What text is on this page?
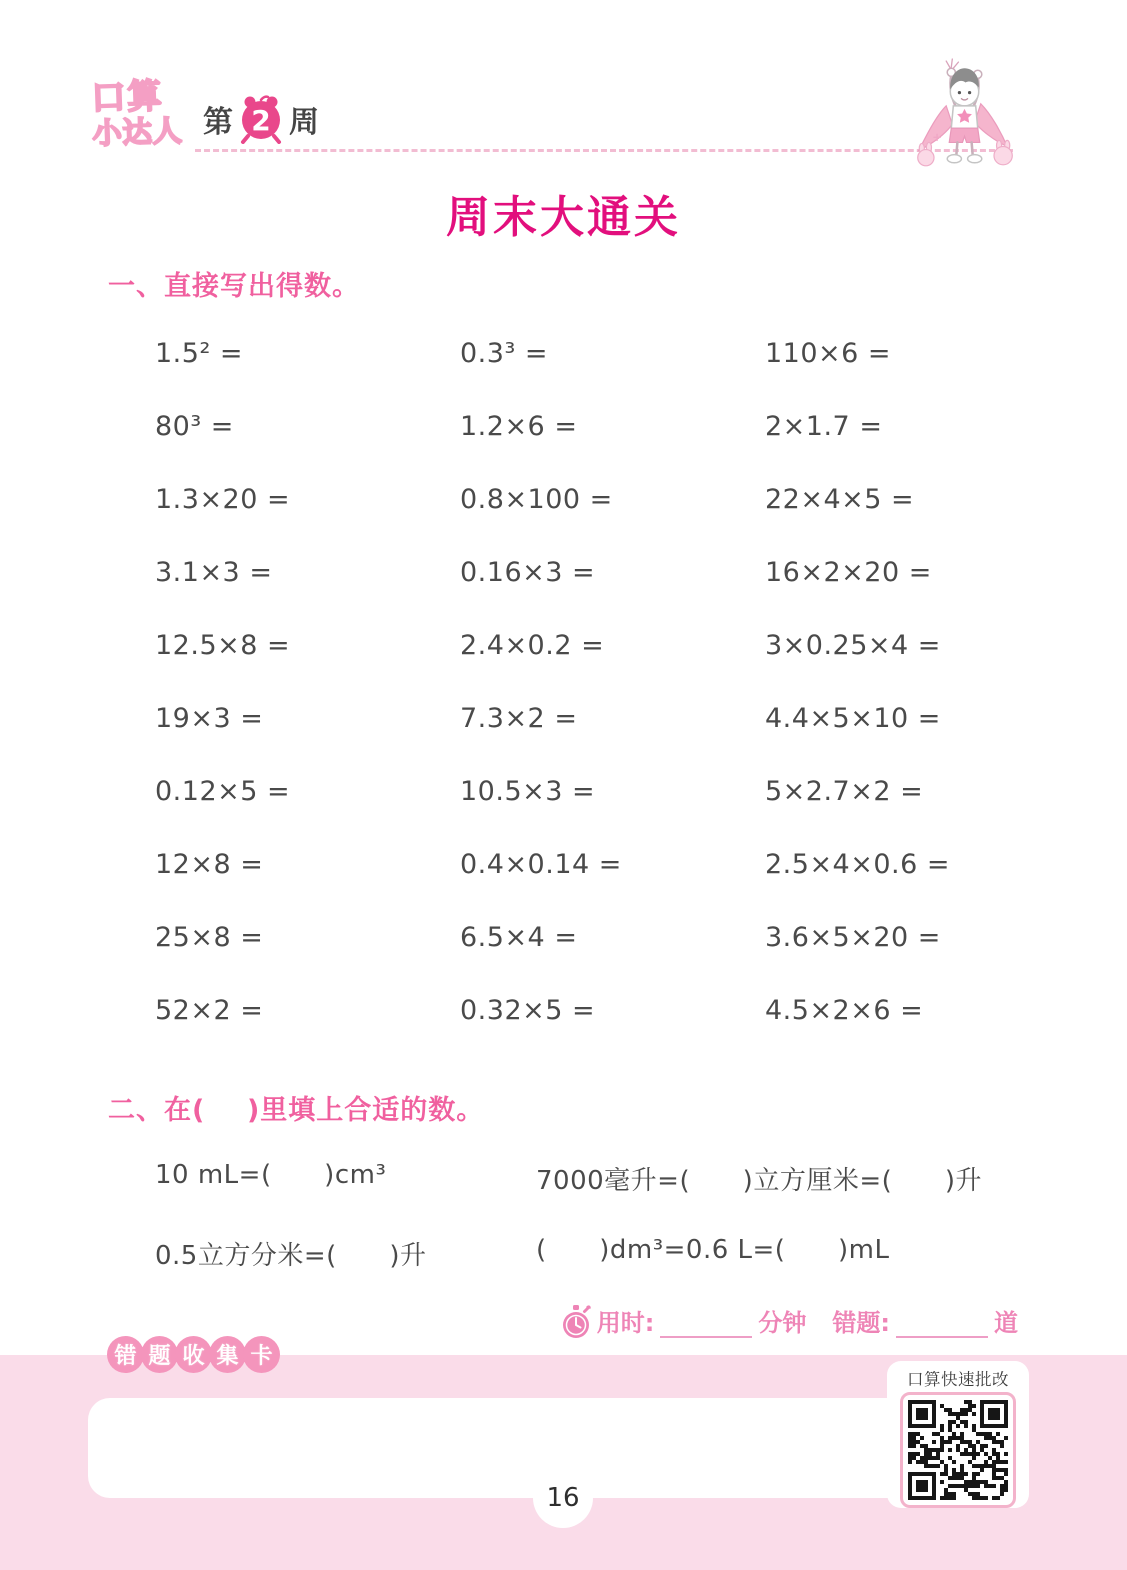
口算
小达人 第 2 周
周末大通关
一、直接写出得数。
1.5² =	0.3³ =	110×6 =
80³ =	1.2×6 =	2×1.7 =
1.3×20 =	0.8×100 =	22×4×5 =
3.1×3 =	0.16×3 =	16×2×20 =
12.5×8 =	2.4×0.2 =	3×0.25×4 =
19×3 =	7.3×2 =	4.4×5×10 =
0.12×5 =	10.5×3 =	5×2.7×2 =
12×8 =	0.4×0.14 =	2.5×4×0.6 =
25×8 =	6.5×4 =	3.6×5×20 =
52×2 =	0.32×5 =	4.5×2×6 =
二、在(    )里填上合适的数。
10 mL=(      )cm³	7000毫升=(      )立方厘米=(      )升
0.5立方分米=(      )升	(      )dm³=0.6 L=(      )mL
用时:	分钟 错题:	道
错 题 收 集 卡
口算快速批改
16
